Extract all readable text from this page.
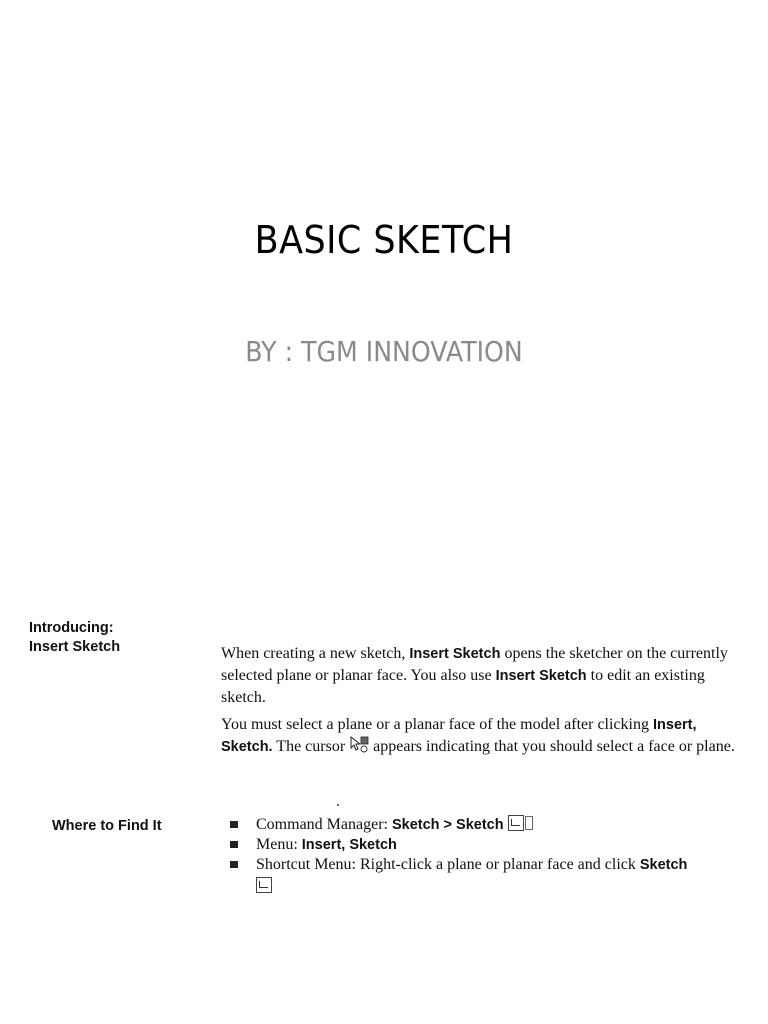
BASIC SKETCH
BY : TGM INNOVATION
Introducing:
Insert Sketch	When creating a new sketch, Insert Sketch opens the sketcher on the currently selected plane or planar face. You also use Insert Sketch to edit an existing sketch.
You must select a plane or a planar face of the model after clicking Insert, Sketch. The cursor
appears indicating that you should select a face or plane.
Where to Find It	Command Manager: Sketch > Sketch
Menu: Insert, Sketch
Shortcut Menu: Right-click a plane or planar face and click Sketch
